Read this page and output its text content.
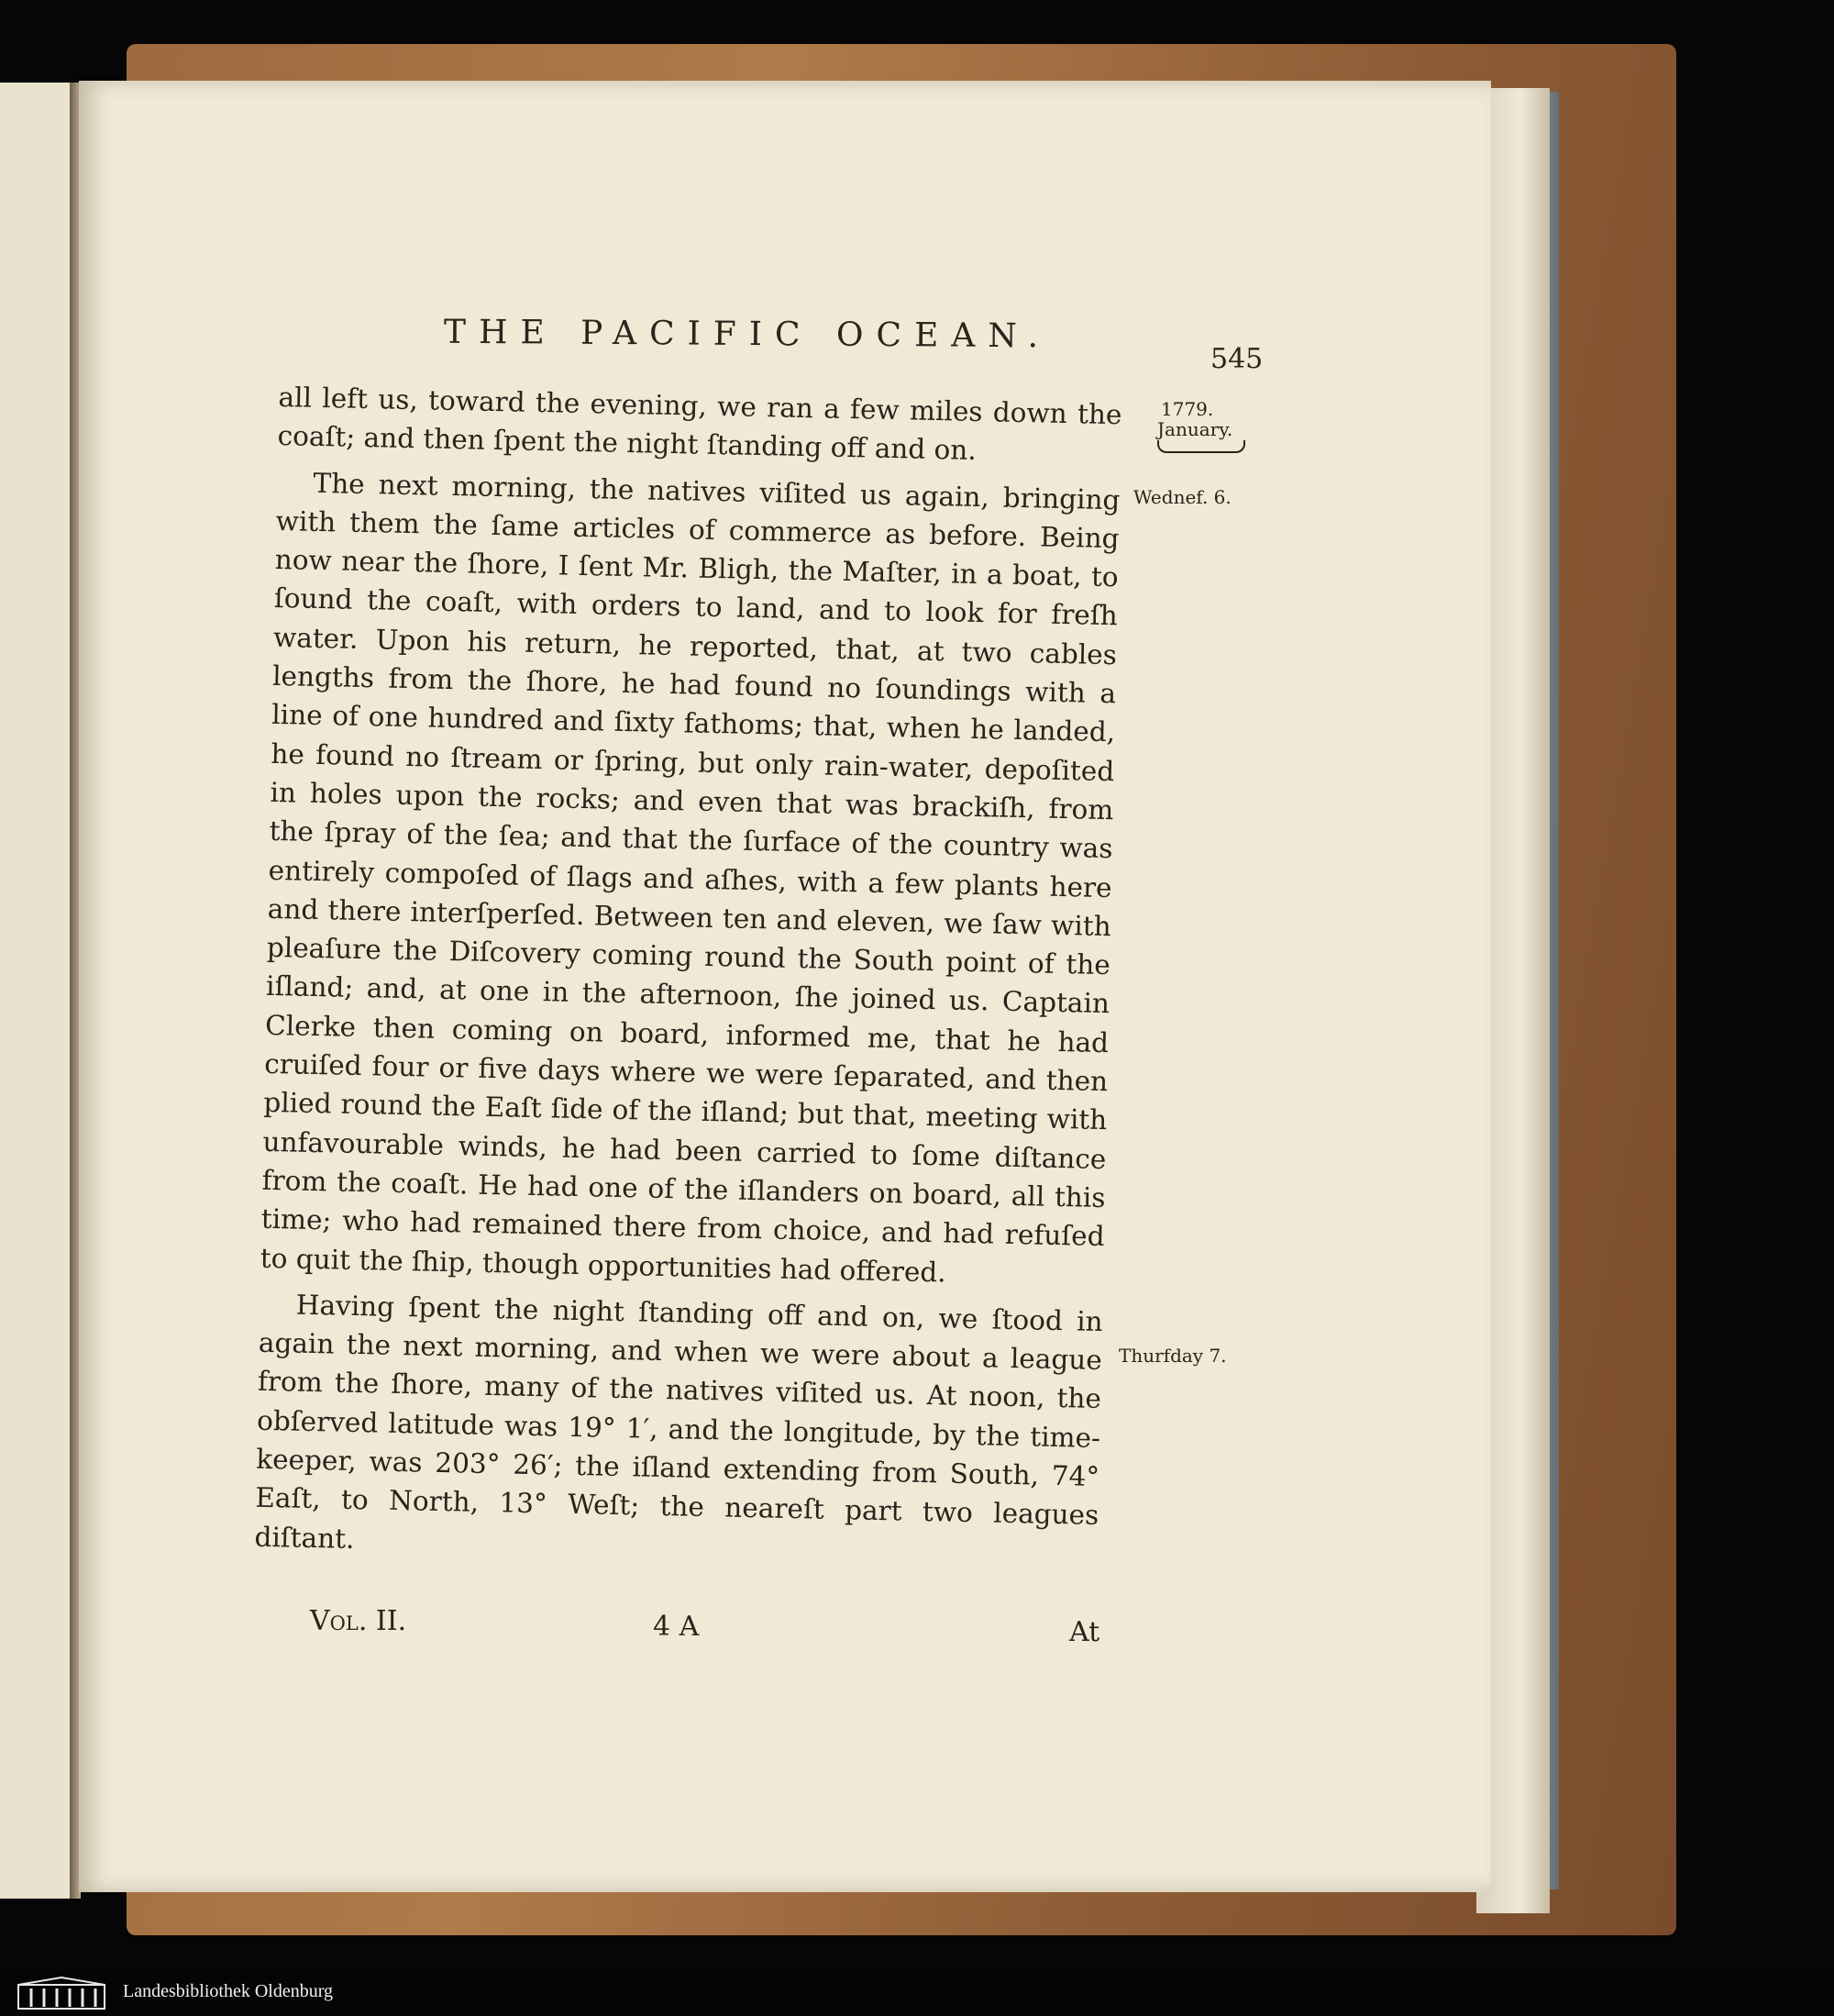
THE PACIFIC OCEAN.
545
1779.
January.
Wednef. 6.
Thurfday 7.

all left us, toward the evening, we ran a few miles down the coaſt; and then ſpent the night ſtanding off and on.

The next morning, the natives viſited us again, bringing with them the ſame articles of commerce as before. Being now near the ſhore, I ſent Mr. Bligh, the Maſter, in a boat, to ſound the coaſt, with orders to land, and to look for freſh water. Upon his return, he reported, that, at two cables lengths from the ſhore, he had found no ſoundings with a line of one hundred and ſixty fathoms; that, when he landed, he found no ſtream or ſpring, but only rain-water, depoſited in holes upon the rocks; and even that was brackiſh, from the ſpray of the ſea; and that the ſurface of the country was entirely compoſed of ſlags and aſhes, with a few plants here and there interſperſed. Between ten and eleven, we ſaw with pleaſure the Diſcovery coming round the South point of the iſland; and, at one in the afternoon, ſhe joined us. Captain Clerke then coming on board, informed me, that he had cruiſed four or five days where we were ſeparated, and then plied round the Eaſt ſide of the iſland; but that, meeting with unfavourable winds, he had been carried to ſome diſtance from the coaſt. He had one of the iſlanders on board, all this time; who had remained there from choice, and had refuſed to quit the ſhip, though opportunities had offered.

Having ſpent the night ſtanding off and on, we ſtood in again the next morning, and when we were about a league from the ſhore, many of the natives viſited us. At noon, the obſerved latitude was 19° 1′, and the longitude, by the time-keeper, was 203° 26′; the iſland extending from South, 74° Eaſt, to North, 13° Weſt; the neareſt part two leagues diſtant.

Vol. II.	4 A	At
Landesbibliothek Oldenburg
